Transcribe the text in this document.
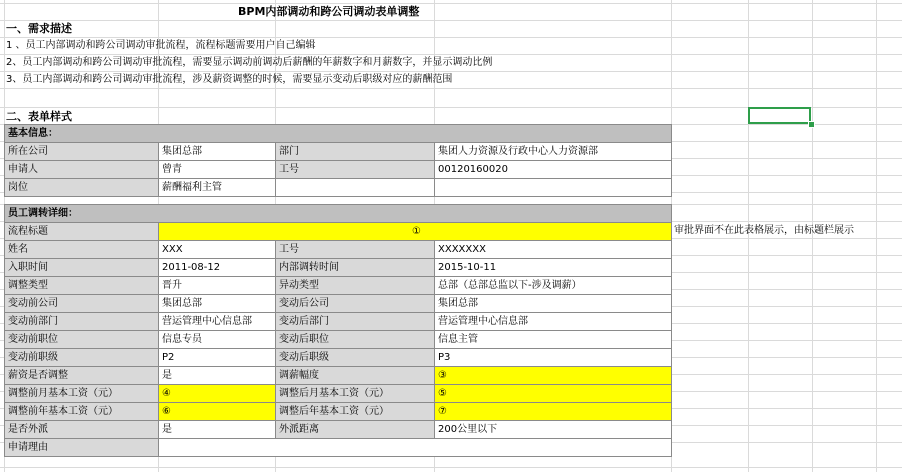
BPM内部调动和跨公司调动表单调整
一、需求描述
1 、员工内部调动和跨公司调动审批流程，流程标题需要用户自己编辑
2、员工内部调动和跨公司调动审批流程，需要显示调动前调动后薪酬的年薪数字和月薪数字，并显示调动比例
3、员工内部调动和跨公司调动审批流程，涉及薪资调整的时候，需要显示变动后职级对应的薪酬范围
二、表单样式
基本信息：			
所在公司	集团总部	部门	集团人力资源及行政中心人力资源部
申请人	曾青	工号	00120160020
岗位	薪酬福利主管		
员工调转详细：			
流程标题	①		
姓名	XXX	工号	XXXXXXX
入职时间	2011-08-12	内部调转时间	2015-10-11
调整类型	晋升	异动类型	总部（总部总监以下-涉及调薪）
变动前公司	集团总部	变动后公司	集团总部
变动前部门	营运管理中心信息部	变动后部门	营运管理中心信息部
变动前职位	信息专员	变动后职位	信息主管
变动前职级	P2	变动后职级	P3
薪资是否调整	是	调薪幅度	③
调整前月基本工资（元）	④	调整后月基本工资（元）	⑤
调整前年基本工资（元）	⑥	调整后年基本工资（元）	⑦
是否外派	是	外派距离	200公里以下
申请理由			
审批界面不在此表格展示，由标题栏展示
